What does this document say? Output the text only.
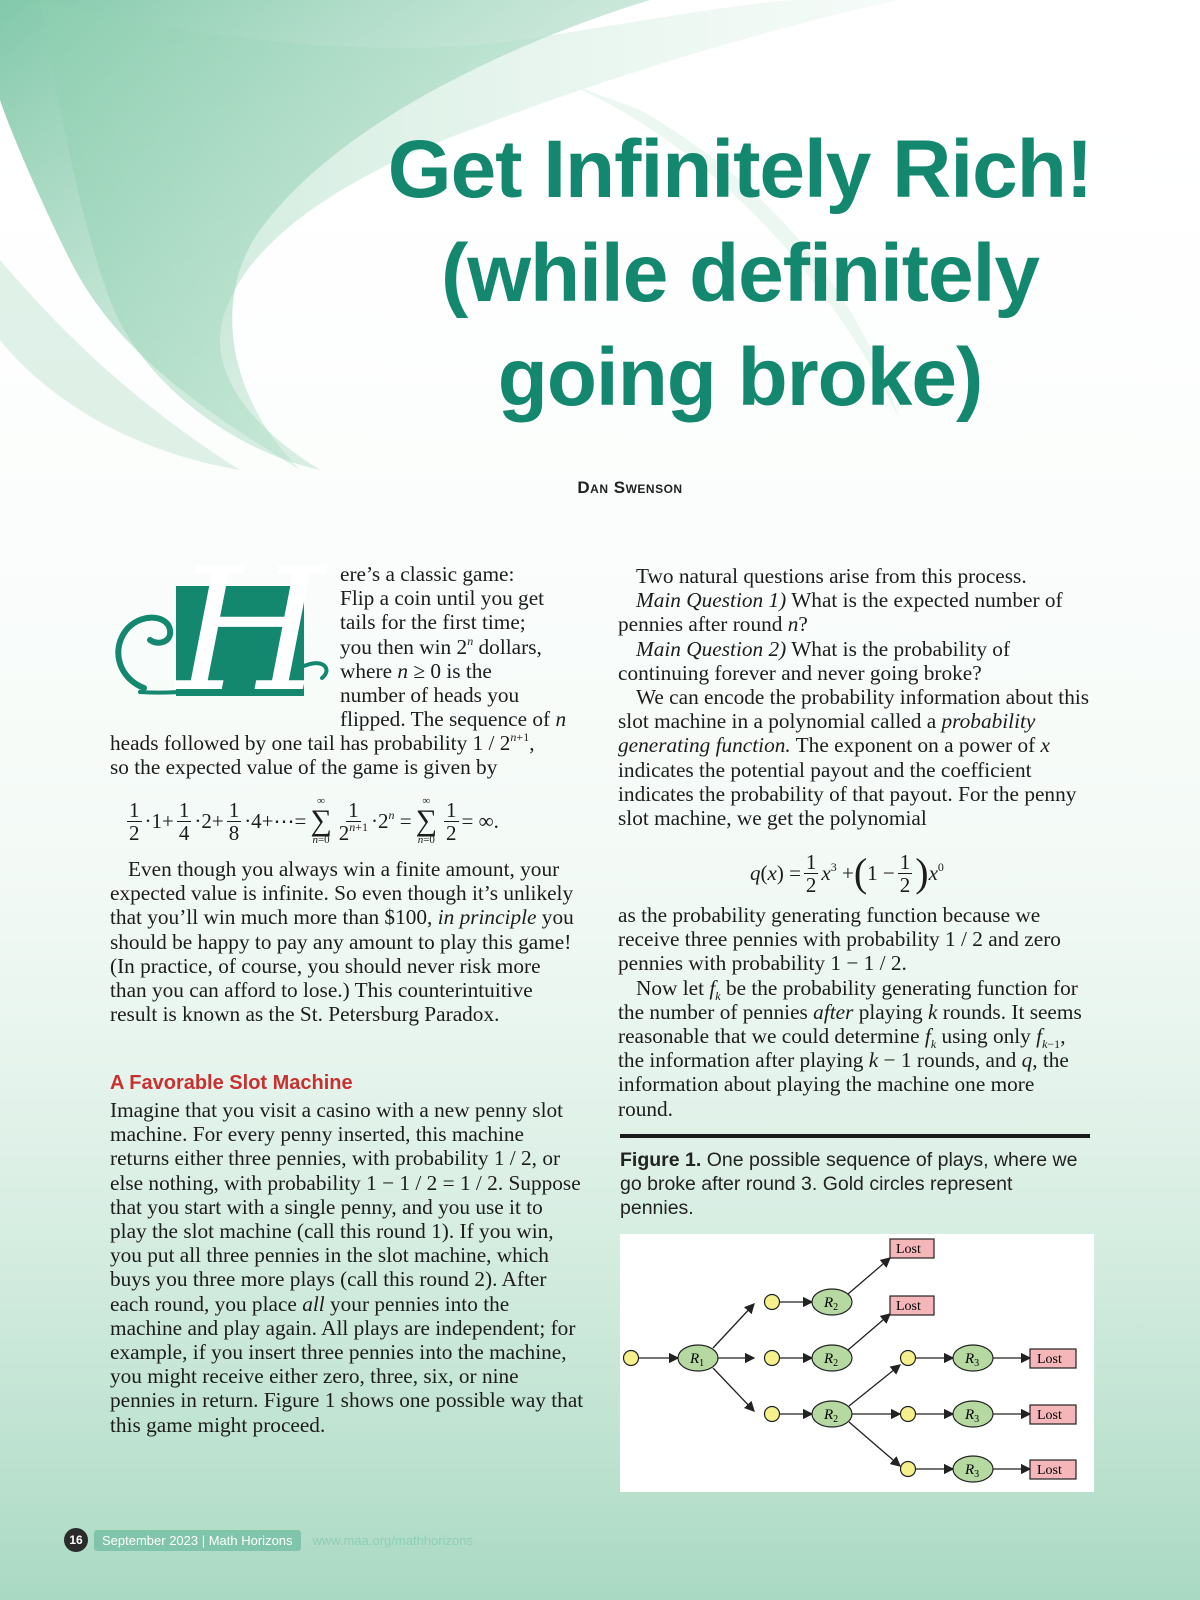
Get Infinitely Rich!
(while definitely
going broke)
Dan Swenson
H ere’s a classic game:
Flip a coin until you get
tails for the first time;
you then win 2$^n$ dollars,
where n ≥ 0 is the
number of heads you
flipped. The sequence of n
heads followed by one tail has probability $1 / 2^{n+1}$,
so the expected value of the game is given by
$\frac{1}{2} \cdot 1+ \frac{1}{4} \cdot 2+ \frac{1}{8}$ ·4+⋯=
∞
∑
$n=0 \frac{1}{2^{n+1}} \cdot 2^n$ =
∞
∑
$n=0 \frac{1}{2}$ = ∞.

Even though you always win a finite amount, your expected value is infinite. So even though it’s unlikely that you’ll win much more than $100, in principle you should be happy to pay any amount to play this game! (In practice, of course, you should never risk more than you can afford to lose.) This counterintuitive result is known as the St. Petersburg Paradox.

A Favorable Slot Machine

Imagine that you visit a casino with a new penny slot machine. For every penny inserted, this machine returns either three pennies, with probability 1 / 2, or else nothing, with probability 1 − 1 / 2 = 1 / 2. Suppose that you start with a single penny, and you use it to play the slot machine (call this round 1). If you win, you put all three pennies in the slot machine, which buys you three more plays (call this round 2). After each round, you place all your pennies into the machine and play again. All plays are independent; for example, if you insert three pennies into the machine, you might receive either zero, three, six, or nine pennies in return. Figure 1 shows one possible way that this game might proceed.

Two natural questions arise from this process.

Main Question 1) What is the expected number of pennies after round n?

Main Question 2) What is the probability of continuing forever and never going broke?

We can encode the probability information about this slot machine in a polynomial called a probability generating function. The exponent on a power of x indicates the potential payout and the coefficient indicates the probability of that payout. For the penny slot machine, we get the polynomial

$q(x) = \frac{1}{2} x^3$ + ( $1 - \frac{1}{2}$ ) $x^0$

as the probability generating function because we receive three pennies with probability 1 / 2 and zero pennies with probability 1 − 1 / 2.

Now let $f_k$ be the probability generating function for the number of pennies after playing k rounds. It seems reasonable that we could determine $f_k$ using only $f_{k-1}$, the information after playing k − 1 rounds, and q, the information about playing the machine one more round.

Figure 1. One possible sequence of plays, where we go broke after round 3. Gold circles represent pennies.
$R_1$
$R_2$
$R_2$
$R_2$
$R_3$
$R_3$
$R_3$
Lost
Lost
Lost
Lost
Lost
16	September 2023 | Math Horizons	www.maa.org/mathhorizons
